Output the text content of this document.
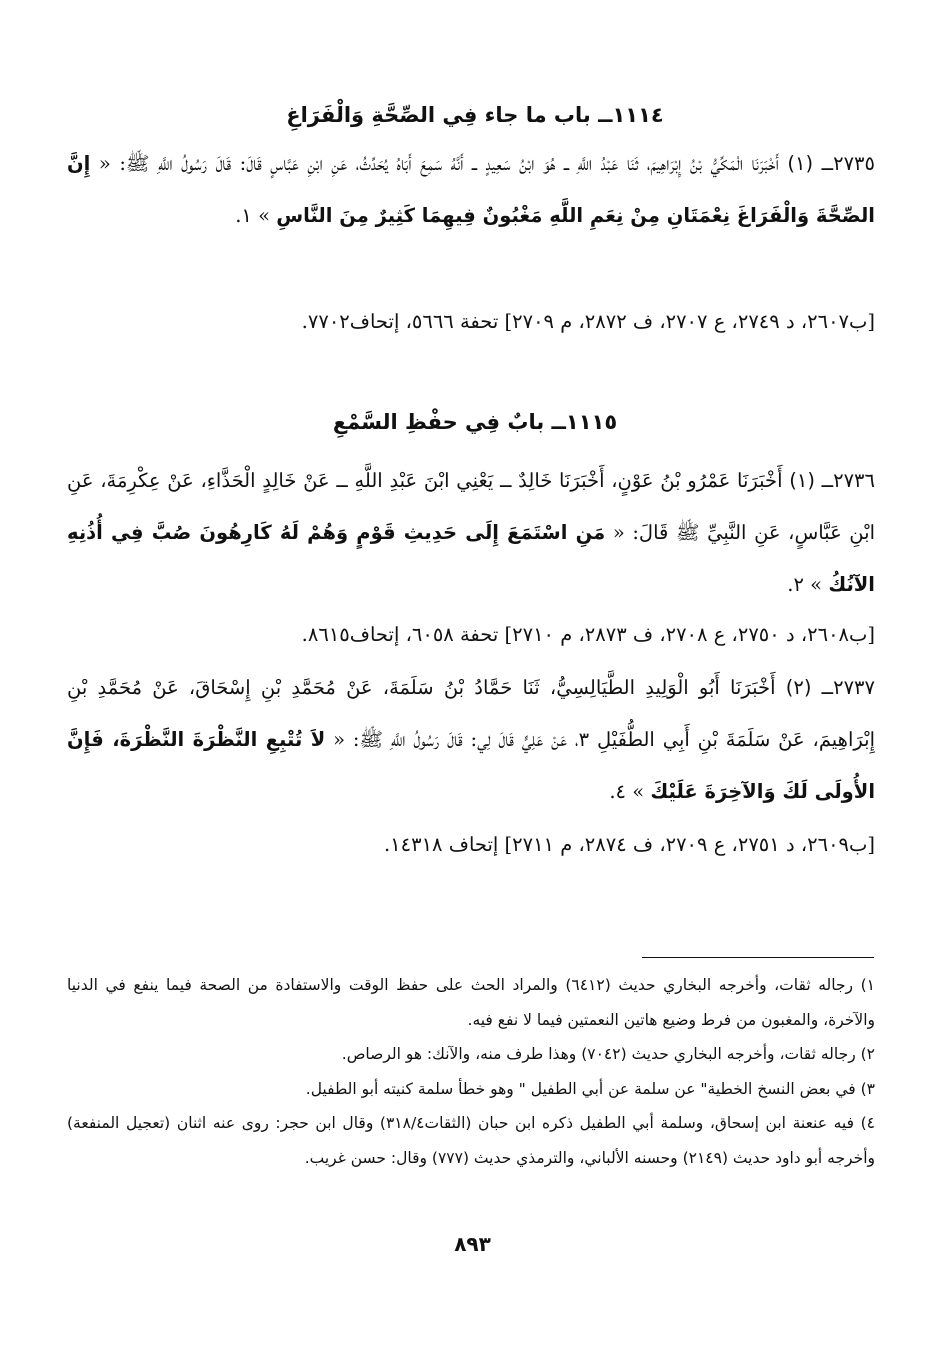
١١١٤ــ باب ما جاء فِي الصِّحَّةِ وَالْفَرَاغِ
٢٧٣٥ــ (١) أَخْبَرَنَا الْمَكِّيُّ بْنُ إِبْرَاهِيمَ، ثَنَا عَبْدُ اللَّهِ ــ هُوَ ابْنُ سَعِيدٍ ــ أَنَّهُ سَمِعَ أَبَاهُ يُحَدِّثُ، عَنِ ابْنِ عَبَّاسٍ قَالَ: قَالَ رَسُولُ اللَّهِ ﷺ: « إِنَّ الصِّحَّةَ وَالْفَرَاغَ نِعْمَتَانِ مِنْ نِعَمِ اللَّهِ مَغْبُونٌ فِيهِمَا كَثِيرٌ مِنَ النَّاسِ » ١.
[ب٢٦٠٧، د ٢٧٤٩، ع ٢٧٠٧، ف ٢٨٧٢، م ٢٧٠٩] تحفة ٥٦٦٦، إتحاف٧٧٠٢.
١١١٥ــ بابٌ فِي حفْظِ السَّمْعِ
٢٧٣٦ــ (١) أَخْبَرَنَا عَمْرُو بْنُ عَوْنٍ، أَخْبَرَنَا خَالِدٌ ــ يَعْنِي ابْنَ عَبْدِ اللَّهِ ــ عَنْ خَالِدٍ الْحَذَّاءِ، عَنْ عِكْرِمَةَ، عَنِ ابْنِ عَبَّاسٍ، عَنِ النَّبِيِّ ﷺ قَالَ: « مَنِ اسْتَمَعَ إِلَى حَدِيثِ قَوْمٍ وَهُمْ لَهُ كَارِهُونَ صُبَّ فِي أُذُنِهِ الآنُكُ » ٢.
[ب٢٦٠٨، د ٢٧٥٠، ع ٢٧٠٨، ف ٢٨٧٣، م ٢٧١٠] تحفة ٦٠٥٨، إتحاف٨٦١٥.
٢٧٣٧ــ (٢) أَخْبَرَنَا أَبُو الْوَلِيدِ الطَّيَالِسِيُّ، ثَنَا حَمَّادُ بْنُ سَلَمَةَ، عَنْ مُحَمَّدِ بْنِ إِسْحَاقَ، عَنْ مُحَمَّدِ بْنِ إِبْرَاهِيمَ، عَنْ سَلَمَةَ بْنِ أَبِي الطُّفَيْلِ ٣، عَنْ عَلِيٍّ قَالَ لِي: قَالَ رَسُولُ اللَّهِ ﷺ: « لاَ تُتْبِعِ النَّظْرَةَ النَّظْرَةَ، فَإِنَّ الأُولَى لَكَ وَالآخِرَةَ عَلَيْكَ » ٤.
[ب٢٦٠٩، د ٢٧٥١، ع ٢٧٠٩، ف ٢٨٧٤، م ٢٧١١] إتحاف ١٤٣١٨.

١) رجاله ثقات، وأخرجه البخاري حديث (٦٤١٢) والمراد الحث على حفظ الوقت والاستفادة من الصحة فيما ينفع في الدنيا والآخرة، والمغبون من فرط وضيع هاتين النعمتين فيما لا نفع فيه.

٢) رجاله ثقات، وأخرجه البخاري حديث (٧٠٤٢) وهذا طرف منه، والآنك: هو الرصاص.

٣) في بعض النسخ الخطية" عن سلمة عن أبي الطفيل " وهو خطأ سلمة كنيته أبو الطفيل.

٤) فيه عنعنة ابن إسحاق، وسلمة أبي الطفيل ذكره ابن حبان (الثقات٣١٨/٤) وقال ابن حجر: روى عنه اثنان (تعجيل المنفعة) وأخرجه أبو داود حديث (٢١٤٩) وحسنه الألباني، والترمذي حديث (٧٧٧) وقال: حسن غريب.

٨٩٣
